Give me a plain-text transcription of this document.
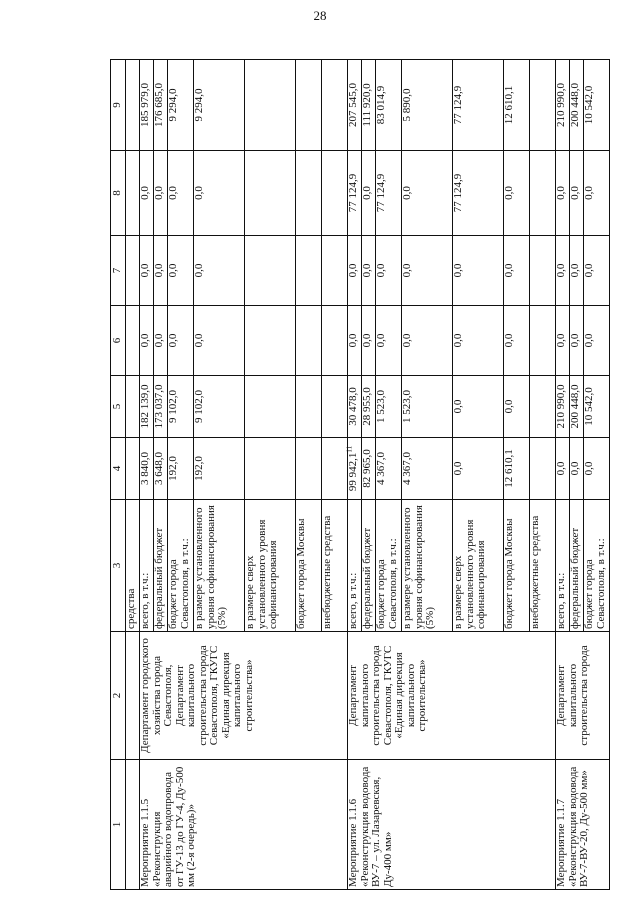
28
1	2	3	4	5	6	7	8	9
		средства						
Мероприятие 1.1.5 «Реконструкция аварийного водопровода от ГУ-13 до ГУ-4, Ду-500 мм (2-я очередь)»	Департамент городского хозяйства города Севастополя, Департамент капитального строительства города Севастополя, ГКУГС «Единая дирекция капитального строительства»	всего, в т.ч.:	3 840,0	182 139,0	0,0	0,0	0,0	185 979,0
		федеральный бюджет	3 648,0	173 037,0	0,0	0,0	0,0	176 685,0
		бюджет города Севастополя, в т.ч.:	192,0	9 102,0	0,0	0,0	0,0	9 294,0
		в размере установленного уровня софинансирования (5%)	192,0	9 102,0	0,0	0,0	0,0	9 294,0
		в размере сверх установленного уровня софинансирования						
		бюджет города Москвы						
		внебюджетные средства						
Мероприятие 1.1.6 «Реконструкция водовода ВУ-7 – ул. Лазаревская, Ду-400 мм»	Департамент капитального строительства города Севастополя, ГКУГС «Единая дирекция капитального строительства»	всего, в т.ч.:	99 942,1$^{11}$	30 478,0	0,0	0,0	77 124,9	207 545,0
		федеральный бюджет	82 965,0	28 955,0	0,0	0,0	0,0	111 920,0
		бюджет города Севастополя, в т.ч.:	4 367,0	1 523,0	0,0	0,0	77 124,9	83 014,9
		в размере установленного уровня софинансирования (5%)	4 367,0	1 523,0	0,0	0,0	0,0	5 890,0
		в размере сверх установленного уровня софинансирования	0,0	0,0	0,0	0,0	77 124,9	77 124,9
		бюджет города Москвы	12 610,1	0,0	0,0	0,0	0,0	12 610,1
		внебюджетные средства						
Мероприятие 1.1.7 «Реконструкция водовода ВУ-7-ВУ-20, Ду-500 мм»	Департамент капитального строительства города	всего, в т.ч.:	0,0	210 990,0	0,0	0,0	0,0	210 990,0
		федеральный бюджет	0,0	200 448,0	0,0	0,0	0,0	200 448,0
		бюджет города Севастополя, в т.ч.:	0,0	10 542,0	0,0	0,0	0,0	10 542,0
